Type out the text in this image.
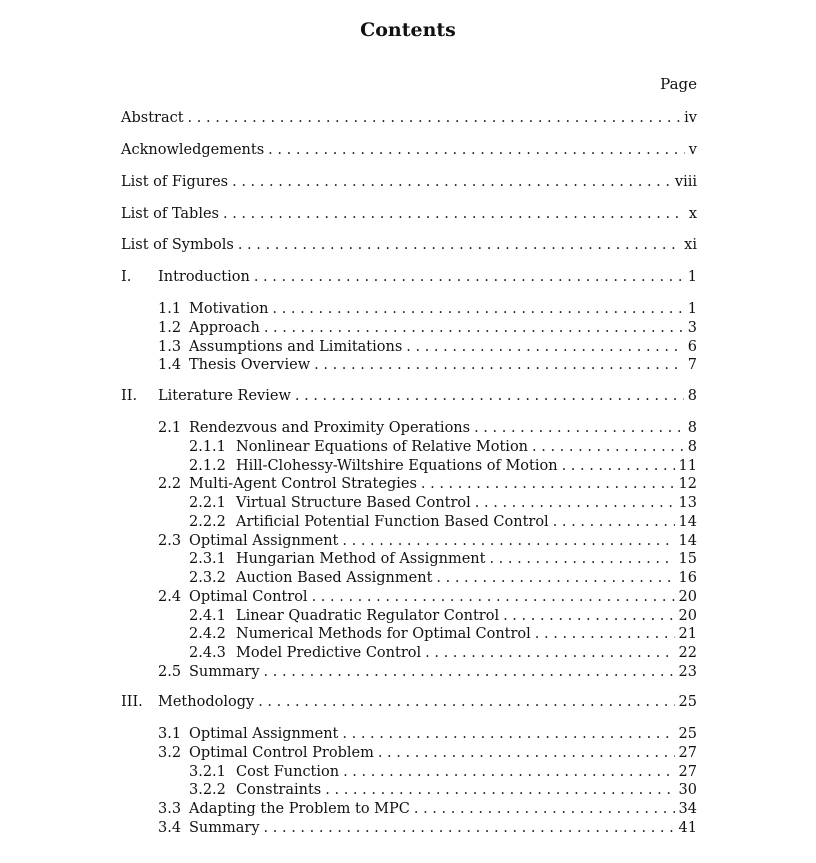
Contents
Page
Abstract . . .	iv
Acknowledgements . . .	v
List of Figures . . .	viii
List of Tables . . .	x
List of Symbols . . .	xi
I.	Introduction . . .	1
1.1 Motivation . . .	1
1.2 Approach . . .	3
1.3 Assumptions and Limitations . . .	6
1.4 Thesis Overview . . .	7
II.	Literature Review . . .	8
2.1 Rendezvous and Proximity Operations . . .	8
2.1.1 Nonlinear Equations of Relative Motion . . .	8
2.1.2 Hill-Clohessy-Wiltshire Equations of Motion . . .	11
2.2 Multi-Agent Control Strategies . . .	12
2.2.1 Virtual Structure Based Control . . .	13
2.2.2 Artificial Potential Function Based Control . . .	14
2.3 Optimal Assignment . . .	14
2.3.1 Hungarian Method of Assignment . . .	15
2.3.2 Auction Based Assignment . . .	16
2.4 Optimal Control . . .	20
2.4.1 Linear Quadratic Regulator Control . . .	20
2.4.2 Numerical Methods for Optimal Control . . .	21
2.4.3 Model Predictive Control . . .	22
2.5 Summary . . .	23
III.	Methodology . . .	25
3.1 Optimal Assignment . . .	25
3.2 Optimal Control Problem . . .	27
3.2.1 Cost Function . . .	27
3.2.2 Constraints . . .	30
3.3 Adapting the Problem to MPC . . .	34
3.4 Summary . . .	41
